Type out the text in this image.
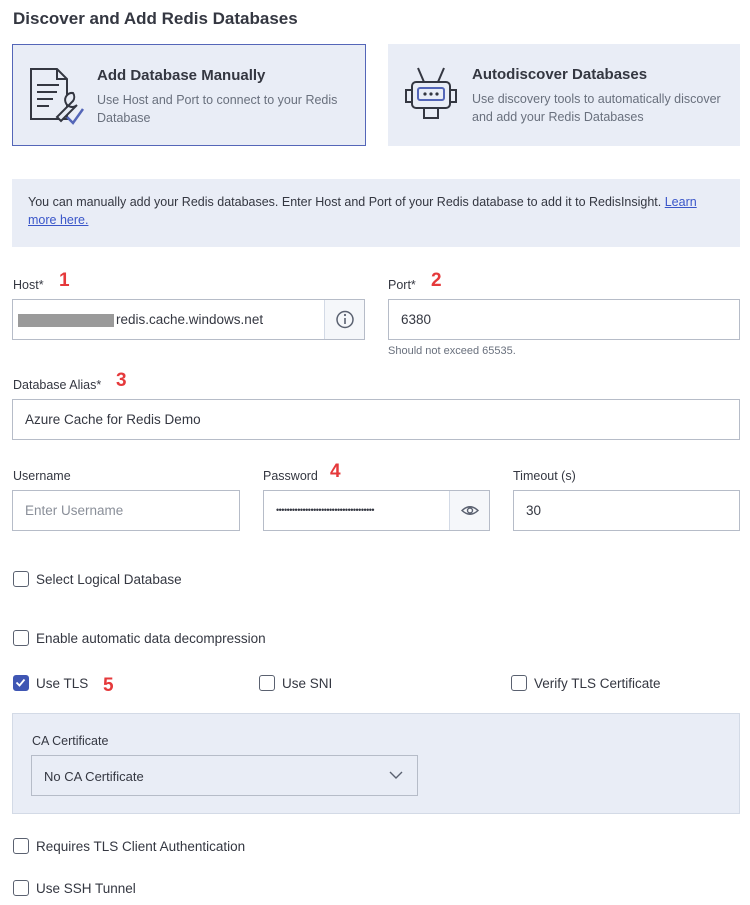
Discover and Add Redis Databases
Add Database Manually
Use Host and Port to connect to your Redis Database
Autodiscover Databases
Use discovery tools to automatically discover and add your Redis Databases
You can manually add your Redis databases. Enter Host and Port of your Redis database to add it to RedisInsight. Learn more here.
Host* 1
redis.cache.windows.net
Port* 2
6380
Should not exceed 65535.
Database Alias* 3
Azure Cache for Redis Demo
Username
Enter Username
Password 4
•••••••••••••••••••••••••••••••••••••
Timeout (s)
30
Select Logical Database
Enable automatic data decompression
Use TLS 5	Use SNI	Verify TLS Certificate
CA Certificate
No CA Certificate
Requires TLS Client Authentication
Use SSH Tunnel
